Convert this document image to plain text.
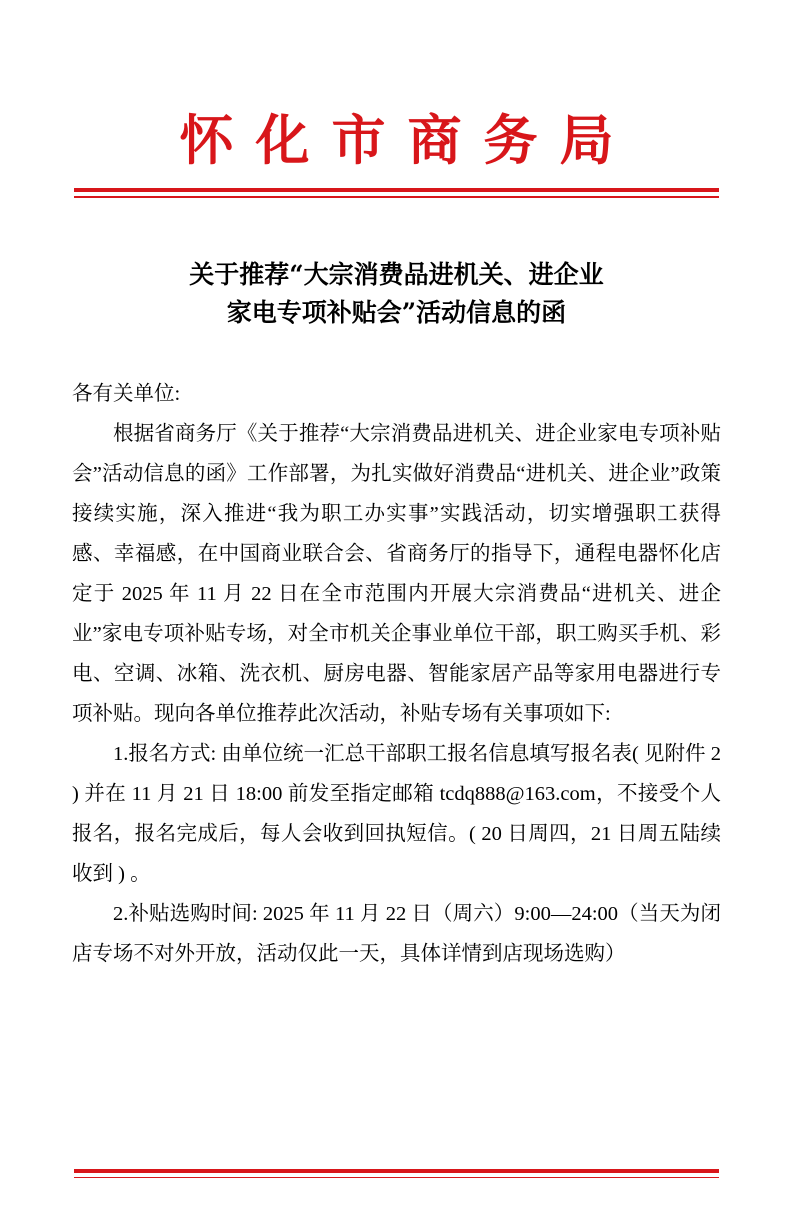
怀化市商务局
关于推荐“大宗消费品进机关、进企业
家电专项补贴会”活动信息的函

各有关单位:

根据省商务厅《关于推荐“大宗消费品进机关、进企业家电专项补贴会”活动信息的函》工作部署，为扎实做好消费品“进机关、进企业”政策接续实施，深入推进“我为职工办实事”实践活动，切实增强职工获得感、幸福感，在中国商业联合会、省商务厅的指导下，通程电器怀化店定于 2025 年 11 月 22 日在全市范围内开展大宗消费品“进机关、进企业”家电专项补贴专场，对全市机关企事业单位干部，职工购买手机、彩电、空调、冰箱、洗衣机、厨房电器、智能家居产品等家用电器进行专项补贴。现向各单位推荐此次活动，补贴专场有关事项如下:

1.报名方式: 由单位统一汇总干部职工报名信息填写报名表( 见附件 2 ) 并在 11 月 21 日 18:00 前发至指定邮箱 tcdq888@163.com，不接受个人报名，报名完成后，每人会收到回执短信。( 20 日周四，21 日周五陆续收到 ) 。

2.补贴选购时间: 2025 年 11 月 22 日（周六）9:00—24:00（当天为闭店专场不对外开放，活动仅此一天，具体详情到店现场选购）
